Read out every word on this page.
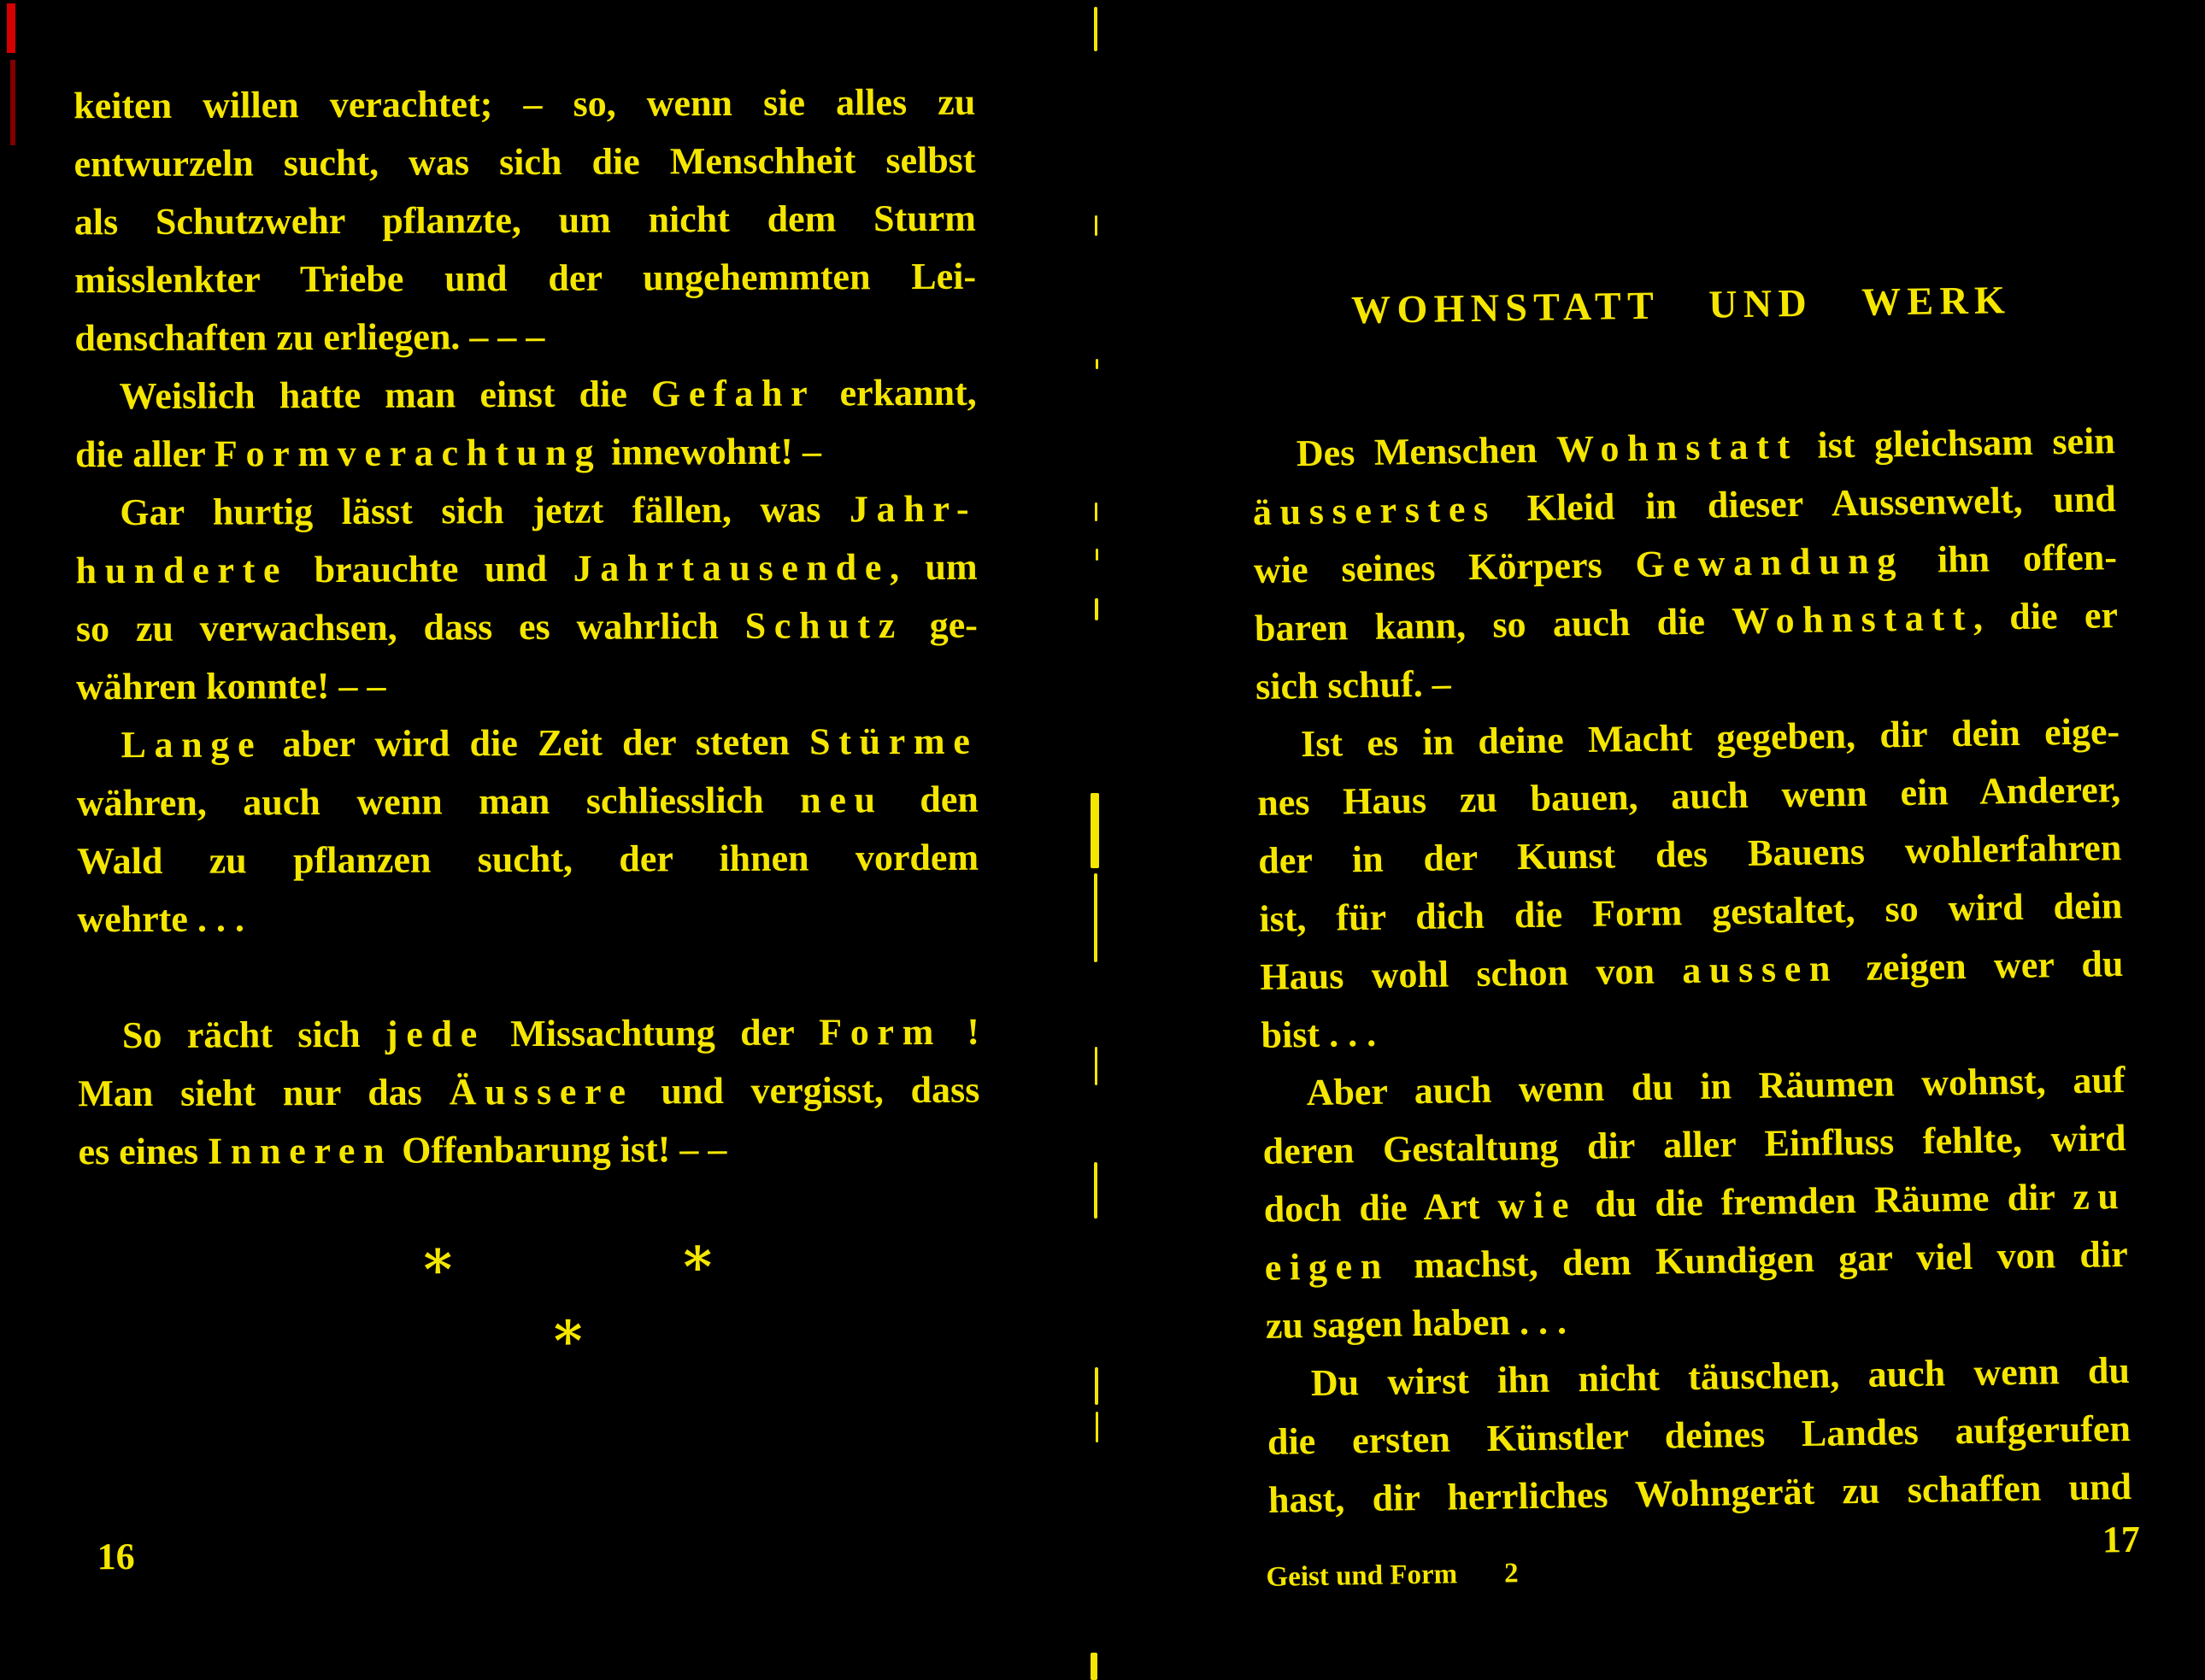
keiten willen verachtet; – so, wenn sie alles zu
entwurzeln sucht, was sich die Menschheit selbst
als Schutzwehr pflanzte, um nicht dem Sturm
misslenkter Triebe und der ungehemmten Lei-
denschaften zu erliegen. – – –
Weislich hatte man einst die Gefahr erkannt,
die aller Formverachtung innewohnt! –
Gar hurtig lässt sich jetzt fällen, was Jahr-
hunderte brauchte und Jahrtausende, um
so zu verwachsen, dass es wahrlich Schutz ge-
währen konnte! – –
Lange aber wird die Zeit der steten Stürme
währen, auch wenn man schliesslich neu den
Wald zu pflanzen sucht, der ihnen vordem
wehrte . . .
So rächt sich jede Missachtung der Form !
Man sieht nur das Äussere und vergisst, dass
es eines Inneren Offenbarung ist! – –
∗	∗
∗
16
WOHNSTATT UND WERK
Des Menschen Wohnstatt ist gleichsam sein
äusserstes Kleid in dieser Aussenwelt, und
wie seines Körpers Gewandung ihn offen-
baren kann, so auch die Wohnstatt, die er
sich schuf. –
Ist es in deine Macht gegeben, dir dein eige-
nes Haus zu bauen, auch wenn ein Anderer,
der in der Kunst des Bauens wohlerfahren
ist, für dich die Form gestaltet, so wird dein
Haus wohl schon von aussen zeigen wer du
bist . . .
Aber auch wenn du in Räumen wohnst, auf
deren Gestaltung dir aller Einfluss fehlte, wird
doch die Art wie du die fremden Räume dir zu
eigen machst, dem Kundigen gar viel von dir
zu sagen haben . . .
Du wirst ihn nicht täuschen, auch wenn du
die ersten Künstler deines Landes aufgerufen
hast, dir herrliches Wohngerät zu schaffen und
Geist und Form 2
17
